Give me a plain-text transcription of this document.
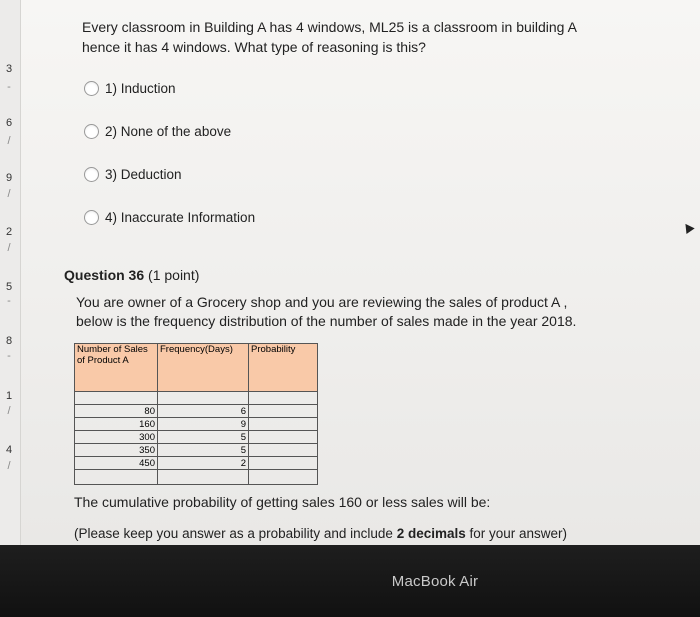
3
-
6
/
9
/
2
/
5
-
8
-
1
/
4
/
Every classroom in Building A has 4 windows, ML25 is a classroom in building A
hence it has 4 windows. What type of reasoning is this?
1) Induction
2) None of the above
3) Deduction
4) Inaccurate Information
Question 36 (1 point)
You are owner of a Grocery shop and you are reviewing the sales of product A ,
below is the frequency distribution of the number of sales made in the year 2018.
Number of Sales of Product A	Frequency(Days)	Probability

80	6	
160	9	
300	5	
350	5	
450	2	

The cumulative probability of getting sales 160 or less sales will be:
(Please keep you answer as a probability and include 2 decimals for your answer)
MacBook Air
